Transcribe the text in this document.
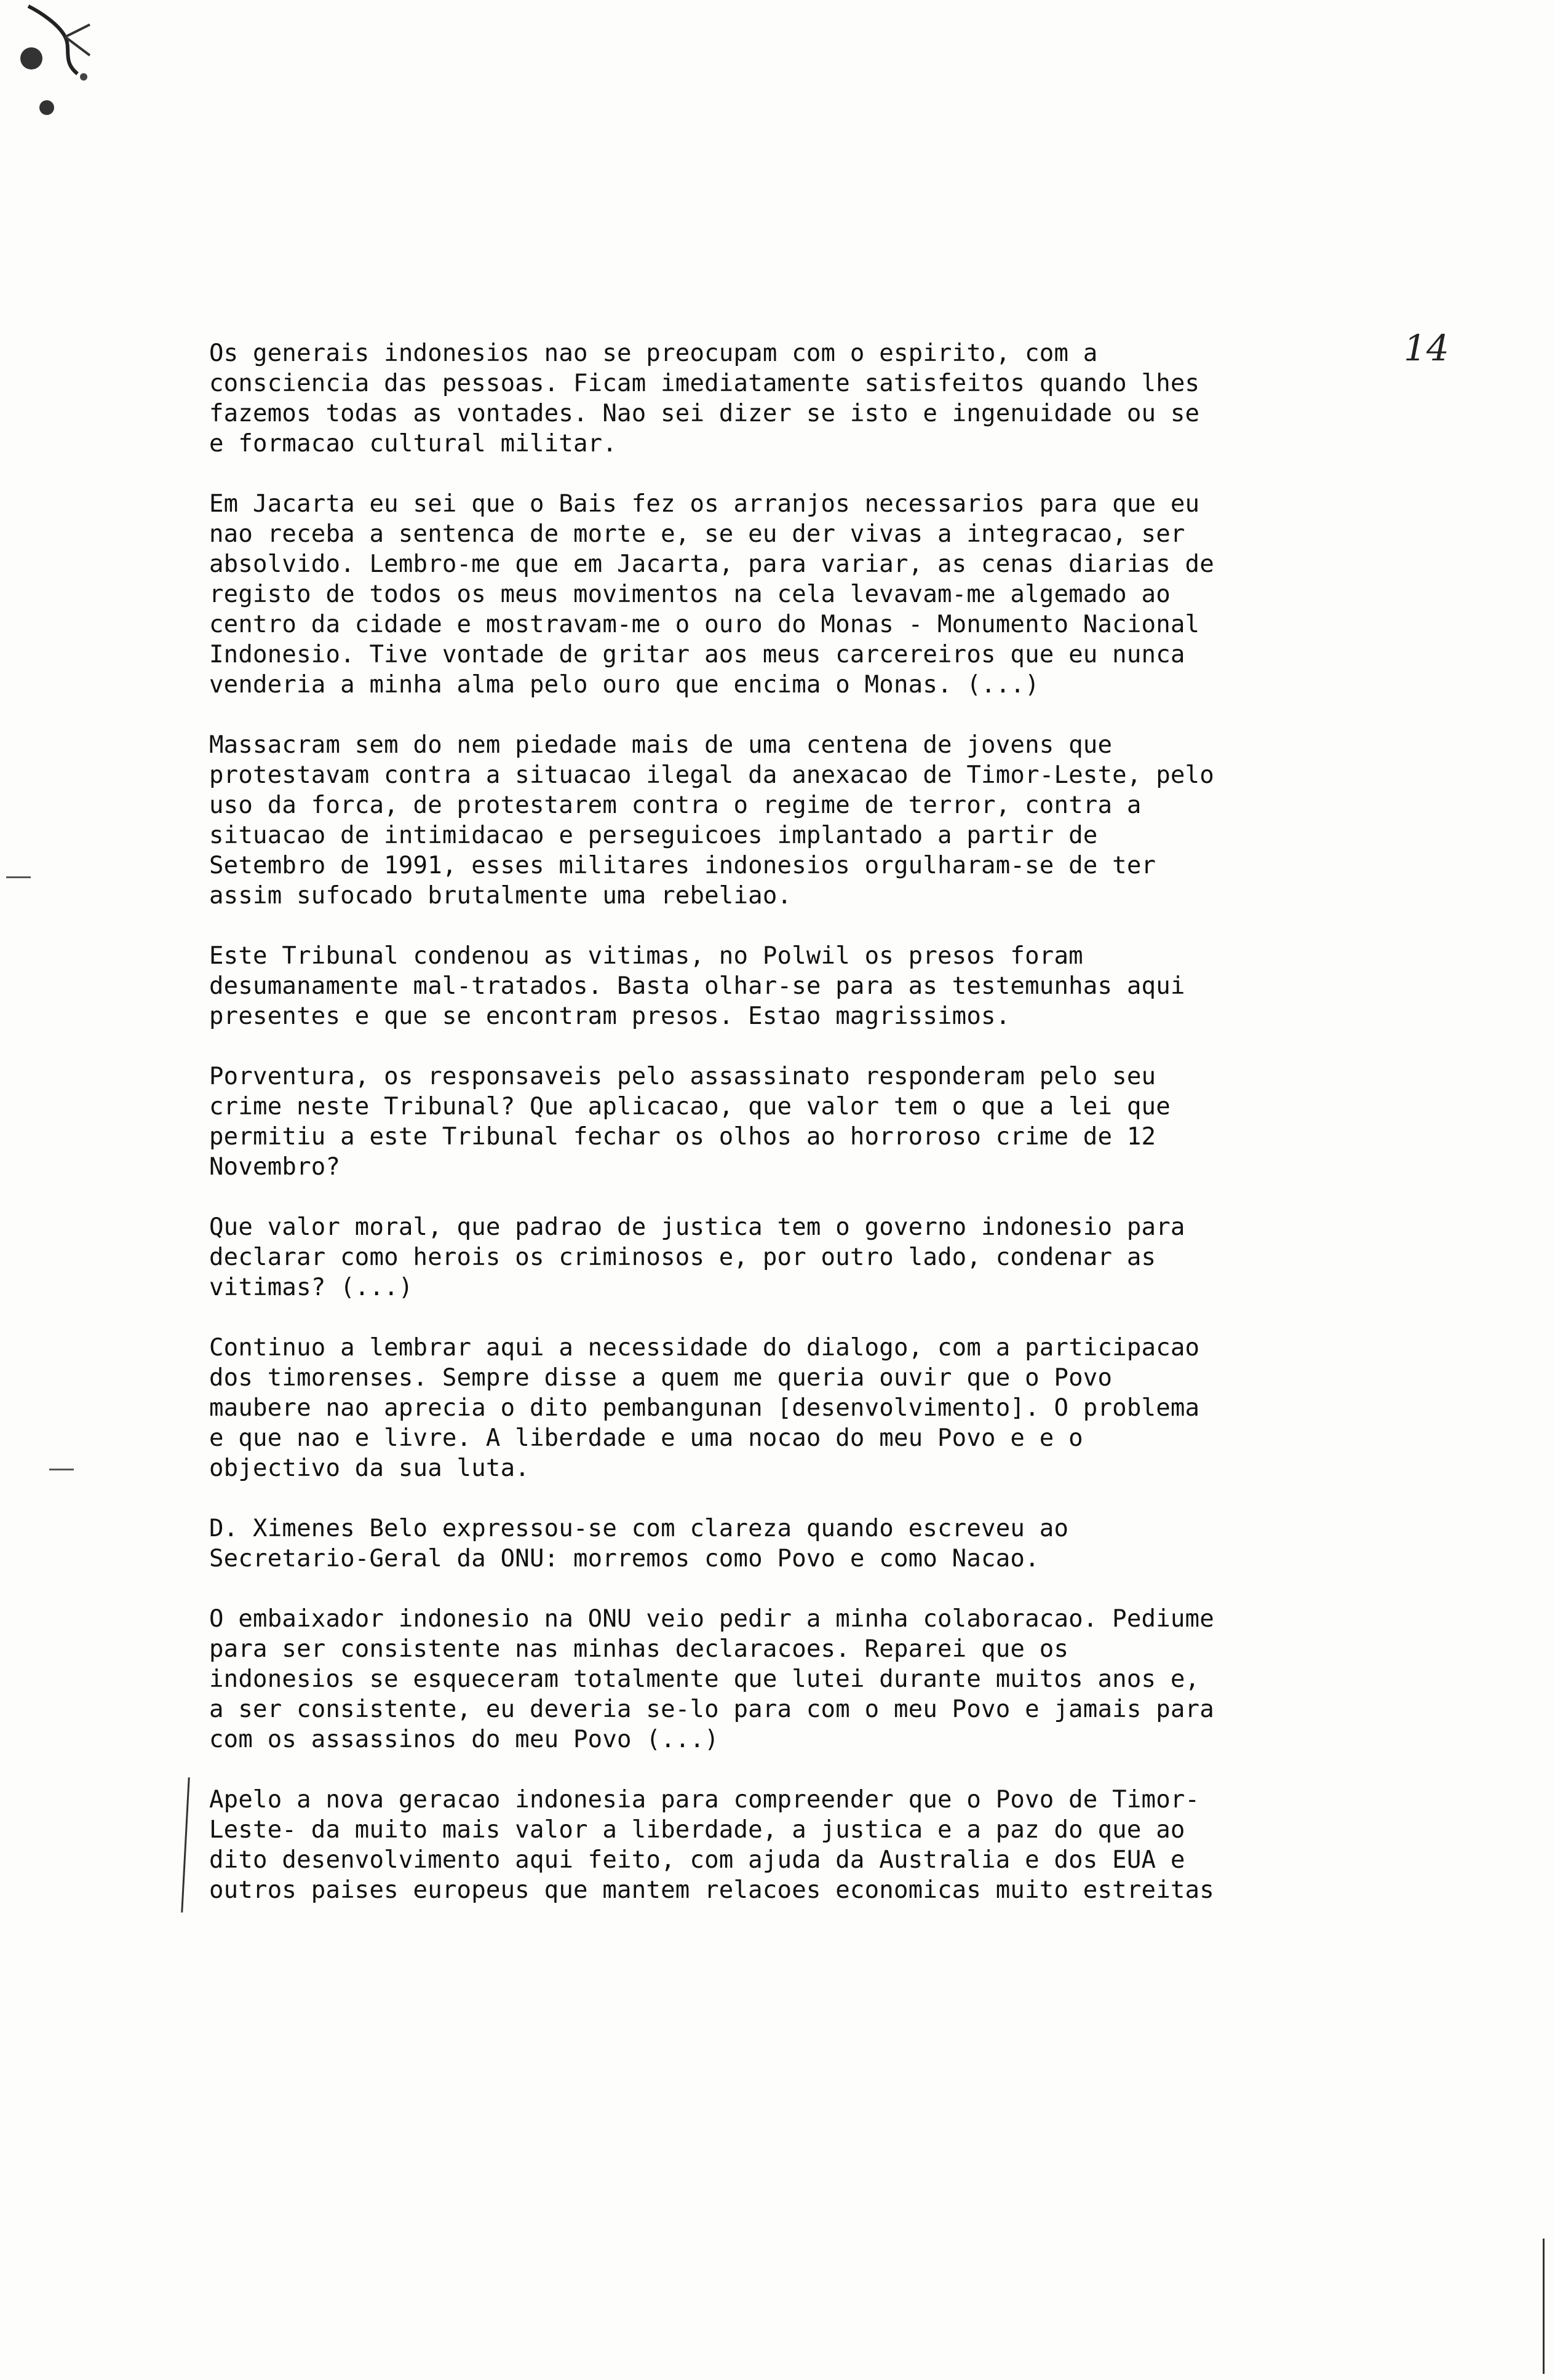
14

Os generais indonesios nao se preocupam com o espirito, com a
consciencia das pessoas. Ficam imediatamente satisfeitos quando lhes
fazemos todas as vontades. Nao sei dizer se isto e ingenuidade ou se
e formacao cultural militar.

Em Jacarta eu sei que o Bais fez os arranjos necessarios para que eu
nao receba a sentenca de morte e, se eu der vivas a integracao, ser
absolvido. Lembro-me que em Jacarta, para variar, as cenas diarias de
registo de todos os meus movimentos na cela levavam-me algemado ao
centro da cidade e mostravam-me o ouro do Monas - Monumento Nacional
Indonesio. Tive vontade de gritar aos meus carcereiros que eu nunca
venderia a minha alma pelo ouro que encima o Monas. (...)

Massacram sem do nem piedade mais de uma centena de jovens que
protestavam contra a situacao ilegal da anexacao de Timor-Leste, pelo
uso da forca, de protestarem contra o regime de terror, contra a
situacao de intimidacao e perseguicoes implantado a partir de
Setembro de 1991, esses militares indonesios orgulharam-se de ter
assim sufocado brutalmente uma rebeliao.

Este Tribunal condenou as vitimas, no Polwil os presos foram
desumanamente mal-tratados. Basta olhar-se para as testemunhas aqui
presentes e que se encontram presos. Estao magrissimos.

Porventura, os responsaveis pelo assassinato responderam pelo seu
crime neste Tribunal? Que aplicacao, que valor tem o que a lei que
permitiu a este Tribunal fechar os olhos ao horroroso crime de 12
Novembro?

Que valor moral, que padrao de justica tem o governo indonesio para
declarar como herois os criminosos e, por outro lado, condenar as
vitimas? (...)

Continuo a lembrar aqui a necessidade do dialogo, com a participacao
dos timorenses. Sempre disse a quem me queria ouvir que o Povo
maubere nao aprecia o dito pembangunan [desenvolvimento]. O problema
e que nao e livre. A liberdade e uma nocao do meu Povo e e o
objectivo da sua luta.

D. Ximenes Belo expressou-se com clareza quando escreveu ao
Secretario-Geral da ONU: morremos como Povo e como Nacao.

O embaixador indonesio na ONU veio pedir a minha colaboracao. Pediume
para ser consistente nas minhas declaracoes. Reparei que os
indonesios se esqueceram totalmente que lutei durante muitos anos e,
a ser consistente, eu deveria se-lo para com o meu Povo e jamais para
com os assassinos do meu Povo (...)

Apelo a nova geracao indonesia para compreender que o Povo de Timor-
Leste- da muito mais valor a liberdade, a justica e a paz do que ao
dito desenvolvimento aqui feito, com ajuda da Australia e dos EUA e
outros paises europeus que mantem relacoes economicas muito estreitas
